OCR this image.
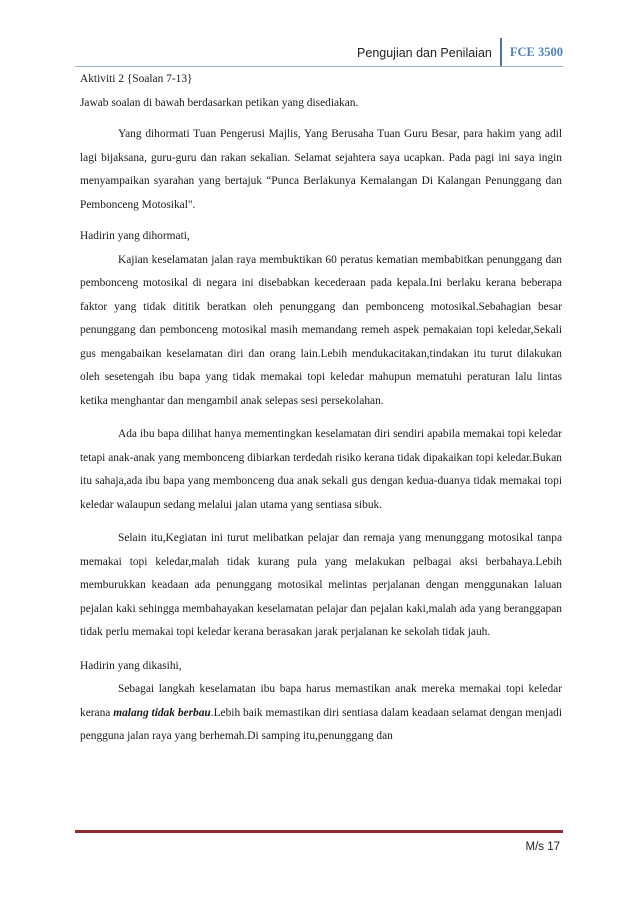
Pengujian dan Penilaian	FCE 3500

Aktiviti 2 {Soalan 7-13}

Jawab soalan di bawah berdasarkan petikan yang disediakan.

Yang dihormati Tuan Pengerusi Majlis, Yang Berusaha Tuan Guru Besar, para hakim yang adil lagi bijaksana, guru-guru dan rakan sekalian. Selamat sejahtera saya ucapkan. Pada pagi ini saya ingin menyampaikan syarahan yang bertajuk “Punca Berlakunya Kemalangan Di Kalangan Penunggang dan Pembonceng Motosikal".

Hadirin yang dihormati,

Kajian keselamatan jalan raya membuktikan 60 peratus kematian membabitkan penunggang dan pembonceng motosikal di negara ini disebabkan kecederaan pada kepala.Ini berlaku kerana beberapa faktor yang tidak dititik beratkan oleh penunggang dan pembonceng motosikal.Sebahagian besar penunggang dan pembonceng motosikal masih memandang remeh aspek pemakaian topi keledar,Sekali gus mengabaikan keselamatan diri dan orang lain.Lebih mendukacitakan,tindakan itu turut dilakukan oleh sesetengah ibu bapa yang tidak memakai topi keledar mahupun mematuhi peraturan lalu lintas ketika menghantar dan mengambil anak selepas sesi persekolahan.

Ada ibu bapa dilihat hanya mementingkan keselamatan diri sendiri apabila memakai topi keledar tetapi anak-anak yang membonceng dibiarkan terdedah risiko kerana tidak dipakaikan topi keledar.Bukan itu sahaja,ada ibu bapa yang membonceng dua anak sekali gus dengan kedua-duanya tidak memakai topi keledar walaupun sedang melalui jalan utama yang sentiasa sibuk.

Selain itu,Kegiatan ini turut melibatkan pelajar dan remaja yang menunggang motosikal tanpa memakai topi keledar,malah tidak kurang pula yang melakukan pelbagai aksi berbahaya.Lebih memburukkan keadaan ada penunggang motosikal melintas perjalanan dengan menggunakan laluan pejalan kaki sehingga membahayakan keselamatan pelajar dan pejalan kaki,malah ada yang beranggapan tidak perlu memakai topi keledar kerana berasakan jarak perjalanan ke sekolah tidak jauh.

Hadirin yang dikasihi,

Sebagai langkah keselamatan ibu bapa harus memastikan anak mereka memakai topi keledar kerana malang tidak berbau.Lebih baik memastikan diri sentiasa dalam keadaan selamat dengan menjadi pengguna jalan raya yang berhemah.Di samping itu,penunggang dan

M/s 17
